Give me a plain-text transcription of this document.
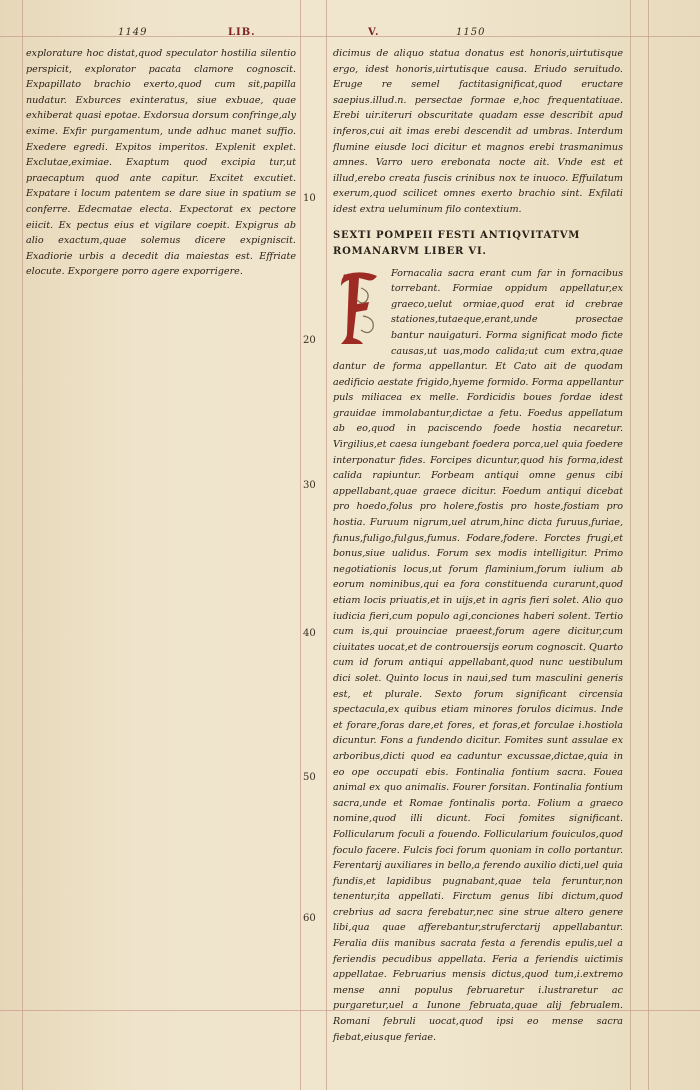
1149	LIB.	V.	1150
10
20
30
40
50
60

explorature hoc distat,quod speculator hostilia silentio perspicit, explorator pacata clamore cognoscit. Expapillato brachio exerto,quod cum sit,papilla nudatur. Exburces exinteratus, siue exbuae, quae exhiberat quasi epotae. Exdorsua dorsum confringe,aly exime. Exfir purgamentum, unde adhuc manet suffio. Exedere egredi. Expitos imperitos. Explenit explet. Exclutae,eximiae. Exaptum quod excipia tur,ut praecaptum quod ante capitur. Excitet excutiet. Expatare i locum patentem se dare siue in spatium se conferre. Edecmatae electa. Expectorat ex pectore eiicit. Ex pectus eius et vigilare coepit. Expigrus ab alio exactum,quae solemus dicere expigniscit. Exadiorie urbis a decedit dia maiestas est. Effriate elocute. Exporgere porro agere exporrigere.

dicimus de aliquo statua donatus est honoris,uirtutisque ergo, idest honoris,uirtutisque causa. Eriudo seruitudo. Eruge re semel factitasignificat,quod eructare saepius.illud.n. persectae formae e,hoc frequentatiuae. Erebi uir.iteruri obscuritate quadam esse describit apud inferos,cui ait imas erebi descendit ad umbras. Interdum flumine eiusde loci dicitur et magnos erebi trasmanimus amnes. Varro uero erebonata nocte ait. Vnde est et illud,erebo creata fuscis crinibus nox te inuoco. Effuilatum exerum,quod scilicet omnes exerto brachio sint. Exfilati idest extra ueluminum filo contextium.

SEXTI POMPEII FESTI ANTIQVITATVM ROMANARVM LIBER VI.

Fornacalia sacra erant cum far in fornacibus torrebant. Formiae oppidum appellatur,ex graeco,uelut ormiae,quod erat id crebrae stationes,tutaeque,erant,unde prosectae bantur nauigaturi. Forma significat modo ficte causas,ut uas,modo calida;ut cum extra,quae dantur de forma appellantur. Et Cato ait de quodam aedificio aestate frigido,hyeme formido. Forma appellantur puls miliacea ex melle. Fordicidis boues fordae idest grauidae immolabantur,dictae a fetu. Foedus appellatum ab eo,quod in paciscendo foede hostia necaretur. Virgilius,et caesa iungebant foedera porca,uel quia foedere interponatur fides. Forcipes dicuntur,quod his forma,idest calida rapiuntur. Forbeam antiqui omne genus cibi appellabant,quae graece dicitur. Foedum antiqui dicebat pro hoedo,folus pro holere,fostis pro hoste,fostiam pro hostia. Furuum nigrum,uel atrum,hinc dicta furuus,furiae, funus,fuligo,fulgus,fumus. Fodare,fodere. Forctes frugi,et bonus,siue ualidus. Forum sex modis intelligitur. Primo negotiationis locus,ut forum flaminium,forum iulium ab eorum nominibus,qui ea fora constituenda curarunt,quod etiam locis priuatis,et in uijs,et in agris fieri solet. Alio quo iudicia fieri,cum populo agi,conciones haberi solent. Tertio cum is,qui prouinciae praeest,forum agere dicitur,cum ciuitates uocat,et de controuersijs eorum cognoscit. Quarto cum id forum antiqui appellabant,quod nunc uestibulum dici solet. Quinto locus in naui,sed tum masculini generis est, et plurale. Sexto forum significant circensia spectacula,ex quibus etiam minores forulos dicimus. Inde et forare,foras dare,et fores, et foras,et forculae i.hostiola dicuntur. Fons a fundendo dicitur. Fomites sunt assulae ex arboribus,dicti quod ea caduntur excussae,dictae,quia in eo ope occupati ebis. Fontinalia fontium sacra. Fouea animal ex quo animalis. Fourer forsitan. Fontinalia fontium sacra,unde et Romae fontinalis porta. Folium a graeco nomine,quod illi dicunt. Foci fomites significant. Follicularum foculi a fouendo. Follicularium fouiculos,quod foculo facere. Fulcis foci forum quoniam in collo portantur. Ferentarij auxiliares in bello,a ferendo auxilio dicti,uel quia fundis,et lapidibus pugnabant,quae tela feruntur,non tenentur,ita appellati. Firctum genus libi dictum,quod crebrius ad sacra ferebatur,nec sine strue altero genere libi,qua quae afferebantur,struferctarij appellabantur. Feralia diis manibus sacrata festa a ferendis epulis,uel a feriendis pecudibus appellata. Feria a feriendis uictimis appellatae. Februarius mensis dictus,quod tum,i.extremo mense anni populus februaretur i.lustraretur ac purgaretur,uel a Iunone februata,quae alij februalem. Romani februli uocat,quod ipsi eo mense sacra fiebat,eiusque feriae.
